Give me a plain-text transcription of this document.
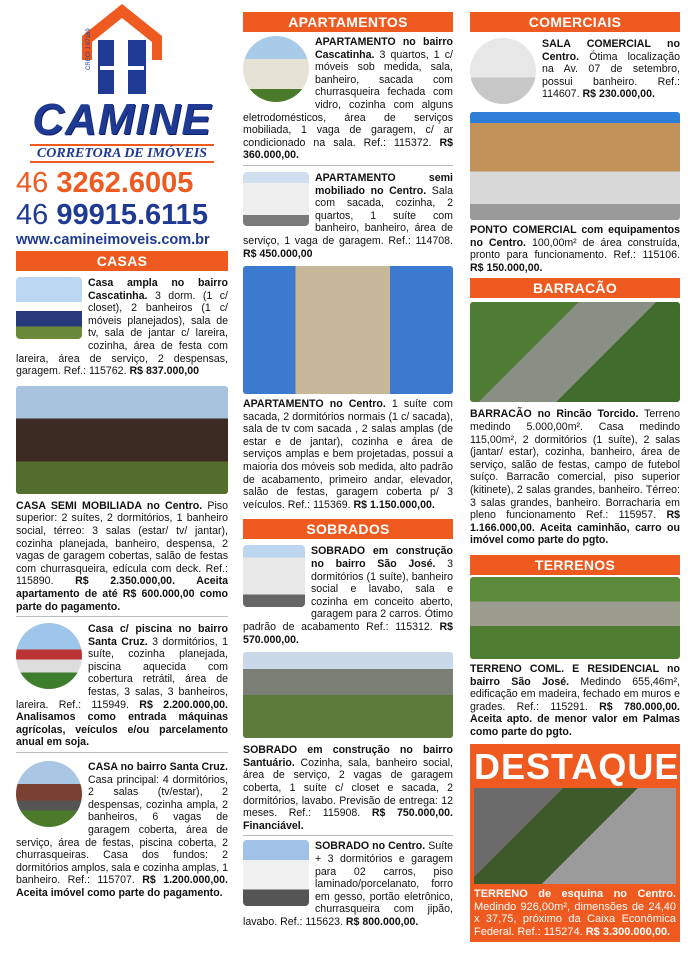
CRECI J 07169
CAMINE
CORRETORA DE IMÓVEIS
46 3262.6005
46 99915.6115
www.camineimoveis.com.br
CASAS

Casa ampla no bairro Cascatinha. 3 dorm. (1 c/ closet), 2 banheiros (1 c/ móveis planejados), sala de tv, sala de jantar c/ lareira, cozinha, área de festa com lareira, área de serviço, 2 despensas, garagem. Ref.: 115762. R$ 837.000,00

CASA SEMI MOBILIADA no Centro. Piso superior: 2 suítes, 2 dormitórios, 1 banheiro social, térreo: 3 salas (estar/ tv/ jantar), cozinha planejada, banheiro, despensa, 2 vagas de garagem cobertas, salão de festas com churrasqueira, edícula com deck. Ref.: 115890. R$ 2.350.000,00. Aceita apartamento de até R$ 600.000,00 como parte do pagamento.

Casa c/ piscina no bairro Santa Cruz. 3 dormitórios, 1 suíte, cozinha planejada, piscina aquecida com cobertura retrátil, área de festas, 3 salas, 3 banheiros, lareira. Ref.: 115949. R$ 2.200.000,00. Analisamos como entrada máquinas agrícolas, veículos e/ou parcelamento anual em soja.

CASA no bairro Santa Cruz. Casa principal: 4 dormitórios, 2 salas (tv/estar), 2 despensas, cozinha ampla, 2 banheiros, 6 vagas de garagem coberta, área de serviço, área de festas, piscina coberta, 2 churrasqueiras. Casa dos fundos: 2 dormitórios amplos, sala e cozinha amplas, 1 banheiro. Ref.: 115707. R$ 1.200.000,00. Aceita imóvel como parte do pagamento.

APARTAMENTOS

APARTAMENTO no bairro Cascatinha. 3 quartos, 1 c/ móveis sob medida, sala, banheiro, sacada com churrasqueira fechada com vidro, cozinha com alguns eletrodomésticos, área de serviços mobiliada, 1 vaga de garagem, c/ ar condicionado na sala. Ref.: 115372. R$ 360.000,00.

APARTAMENTO semi mobiliado no Centro. Sala com sacada, cozinha, 2 quartos, 1 suíte com banheiro, banheiro, área de serviço, 1 vaga de garagem. Ref.: 114708. R$ 450.000,00

APARTAMENTO no Centro. 1 suíte com sacada, 2 dormitórios normais (1 c/ sacada), sala de tv com sacada , 2 salas amplas (de estar e de jantar), cozinha e área de serviços amplas e bem projetadas, possui a maioria dos móveis sob medida, alto padrão de acabamento, primeiro andar, elevador, salão de festas, garagem coberta p/ 3 veículos. Ref.: 115369. R$ 1.150.000,00.

SOBRADOS

SOBRADO em construção no bairro São José. 3 dormitórios (1 suíte), banheiro social e lavabo, sala e cozinha em conceito aberto, garagem para 2 carros. Ótimo padrão de acabamento Ref.: 115312. R$ 570.000,00.

SOBRADO em construção no bairro Santuário. Cozinha, sala, banheiro social, área de serviço, 2 vagas de garagem coberta, 1 suíte c/ closet e sacada, 2 dormitórios, lavabo. Previsão de entrega: 12 meses. Ref.: 115908. R$ 750.000,00. Financiável.

SOBRADO no Centro. Suíte + 3 dormitórios e garagem para 02 carros, piso laminado/porcelanato, forro em gesso, portão eletrônico, churrasqueira com jipão, lavabo. Ref.: 115623. R$ 800.000,00.

COMERCIAIS

SALA COMERCIAL no Centro. Ótima localização na Av. 07 de setembro, possui banheiro. Ref.: 114607. R$ 230.000,00.

PONTO COMERCIAL com equipamentos no Centro. 100,00m² de área construída, pronto para funcionamento. Ref.: 115106. R$ 150.000,00.

BARRACÃO

BARRACÃO no Rincão Torcido. Terreno medindo 5.000,00m². Casa medindo 115,00m², 2 dormitórios (1 suíte), 2 salas (jantar/ estar), cozinha, banheiro, área de serviço, salão de festas, campo de futebol suíço. Barracão comercial, piso superior (kitinete), 2 salas grandes, banheiro. Térreo: 3 salas grandes, banheiro. Borracharia em pleno funcionamento Ref.: 115957. R$ 1.166.000,00. Aceita caminhão, carro ou imóvel como parte do pgto.

TERRENOS

TERRENO COML. E RESIDENCIAL no bairro São José. Medindo 655,46m², edificação em madeira, fechado em muros e grades. Ref.: 115291. R$ 780.000,00. Aceita apto. de menor valor em Palmas como parte do pgto.

DESTAQUE

TERRENO de esquina no Centro. Medindo 926,00m², dimensões de 24,40 x 37,75, próximo da Caixa Econômica Federal. Ref.: 115274. R$ 3.300.000,00.
